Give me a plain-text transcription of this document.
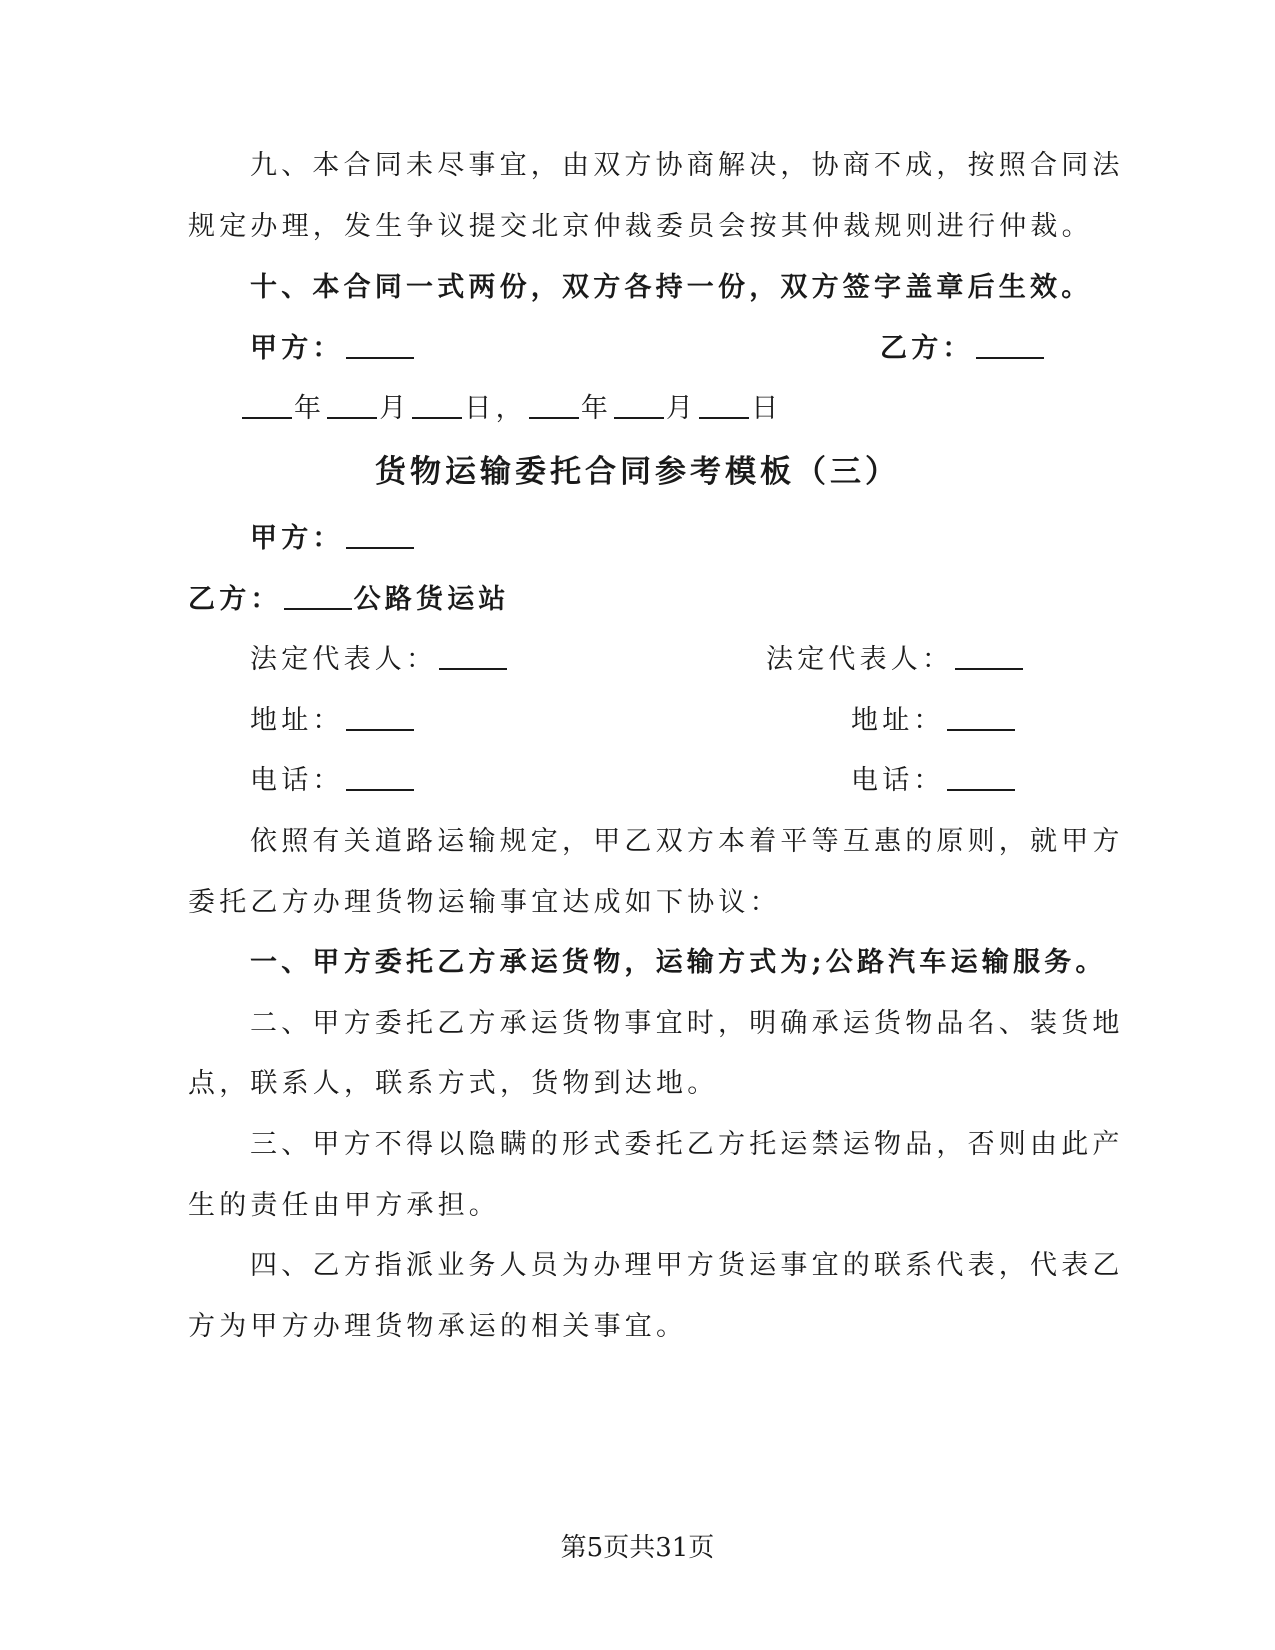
九、本合同未尽事宜，由双方协商解决，协商不成，按照合同法
规定办理，发生争议提交北京仲裁委员会按其仲裁规则进行仲裁。
十、本合同一式两份，双方各持一份，双方签字盖章后生效。
甲方：	乙方：
年 月 日， 年 月 日
货物运输委托合同参考模板（三）
甲方：
乙方：	公路货运站
法定代表人：	法定代表人：
地址：	地址：
电话：	电话：
依照有关道路运输规定，甲乙双方本着平等互惠的原则，就甲方
委托乙方办理货物运输事宜达成如下协议：
一、甲方委托乙方承运货物，运输方式为;公路汽车运输服务。
二、甲方委托乙方承运货物事宜时，明确承运货物品名、装货地
点，联系人，联系方式，货物到达地。
三、甲方不得以隐瞒的形式委托乙方托运禁运物品，否则由此产
生的责任由甲方承担。
四、乙方指派业务人员为办理甲方货运事宜的联系代表，代表乙
方为甲方办理货物承运的相关事宜。
第5页共31页
